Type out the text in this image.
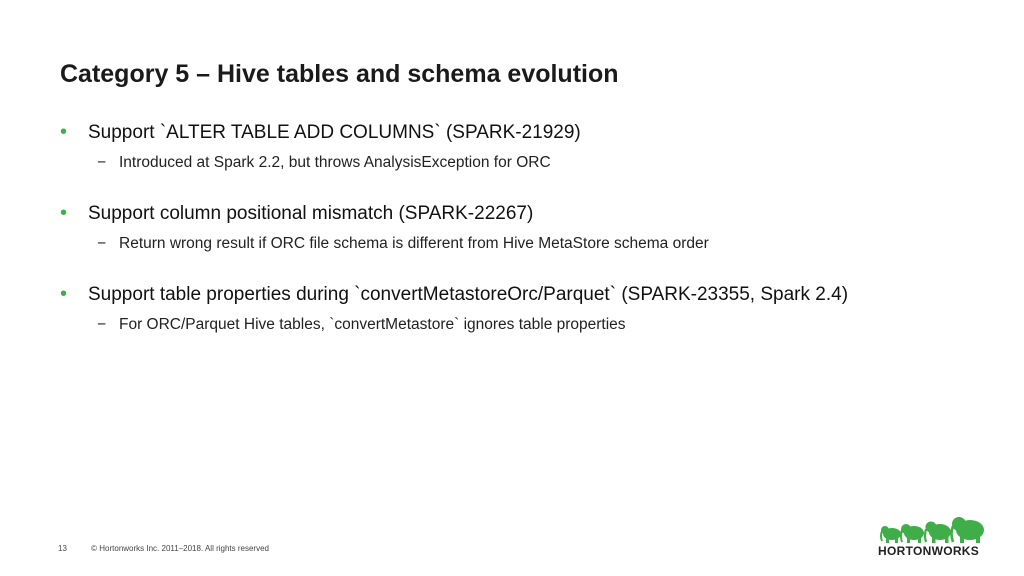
Category 5 – Hive tables and schema evolution
•	Support `ALTER TABLE ADD COLUMNS` (SPARK-21929)
− Introduced at Spark 2.2, but throws AnalysisException for ORC
•	Support column positional mismatch (SPARK-22267)
− Return wrong result if ORC file schema is different from Hive MetaStore schema order
•	Support table properties during `convertMetastoreOrc/Parquet` (SPARK-23355, Spark 2.4)
− For ORC/Parquet Hive tables, `convertMetastore` ignores table properties
13	© Hortonworks Inc. 2011–2018. All rights reserved	HORTONWORKS
